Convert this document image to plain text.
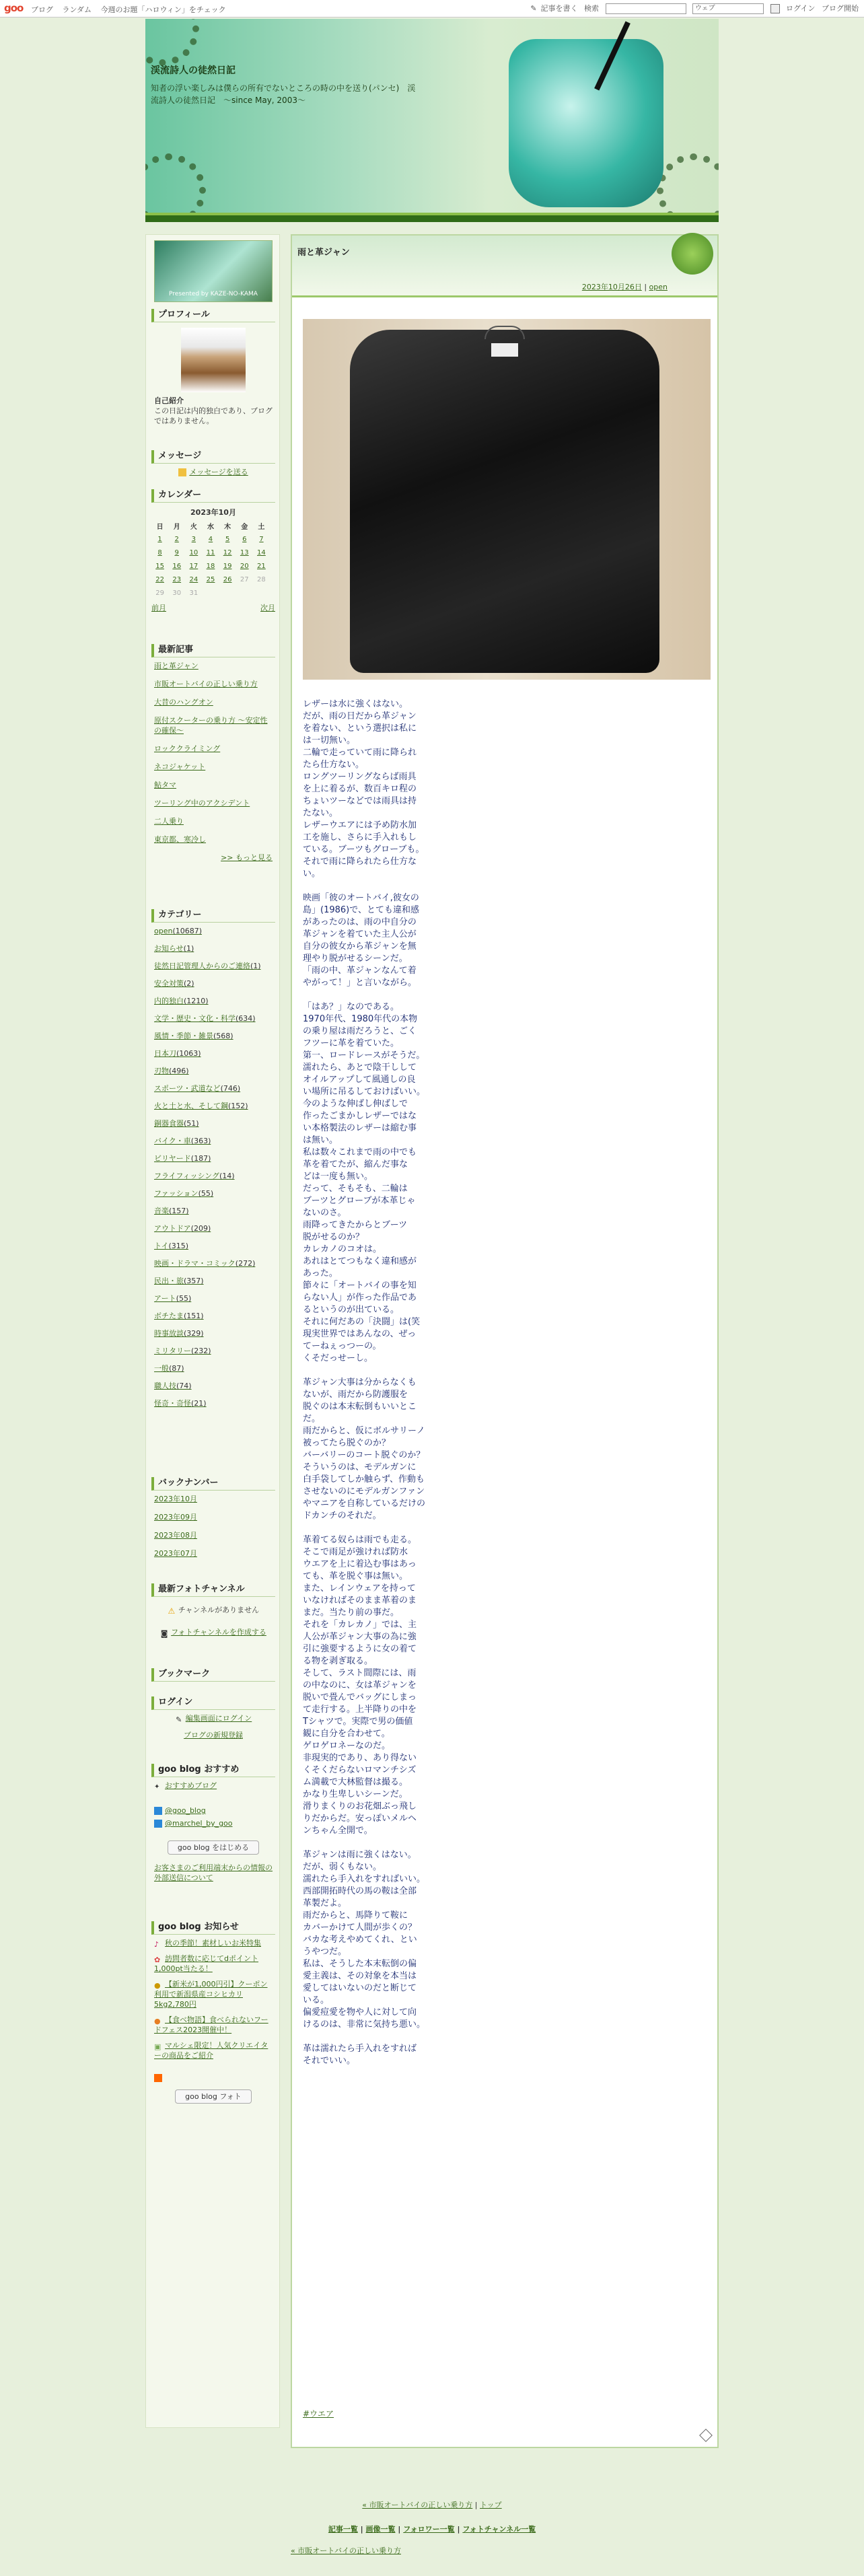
goo ブログ ランダム 今週のお題「ハロウィン」をチェック	✎ 記事を書く 検索	ウェブ	ログイン ブログ開始
渓流詩人の徒然日記
知者の浮い楽しみは僕らの所有でないところの時の中を送り(パンセ)　渓流詩人の徒然日記　～since May, 2003～
Presented by KAZE-NO-KAMA
プロフィール
自己紹介
この日記は内的独白であり、ブログではありません。
メッセージ
メッセージを送る
カレンダー
2023年10月
日	月	火	水	木	金	土
1	2	3	4	5	6	7
8	9	10	11	12	13	14
15	16	17	18	19	20	21
22	23	24	25	26	27	28
29	30	31				
前月	次月
最新記事
雨と革ジャン
市販オートバイの正しい乗り方
大昔のハングオン
原付スクーターの乗り方 ～安定性の確保～
ロッククライミング
ネコジャケット
鮎タマ
ツーリング中のアクシデント
二人乗り
東京都、寒冷し
>> もっと見る
カテゴリー
open(10687)
お知らせ(1)
徒然日記管理人からのご連絡(1)
安全対策(2)
内的独白(1210)
文学・歴史・文化・科学(634)
風情・季節・雑景(568)
日本刀(1063)
刃物(496)
スポーツ・武道など(746)
火と土と水、そして鋼(152)
銅器食器(51)
バイク・車(363)
ビリヤード(187)
フライフィッシング(14)
ファッション(55)
音楽(157)
アウトドア(209)
トイ(315)
映画・ドラマ・コミック(272)
民出・旅(357)
アート(55)
ボチたま(151)
時事放談(329)
ミリタリー(232)
一般(87)
職人技(74)
怪奇・奇怪(21)
バックナンバー
2023年10月
2023年09月
2023年08月
2023年07月
最新フォトチャンネル
⚠ チャンネルがありません
◙ フォトチャンネルを作成する
ブックマーク
ログイン
✎ 編集画面にログイン
ブログの新規登録
goo blog おすすめ
✦ おすすめブログ
@goo_blog
@marchel_by_goo
goo blog をはじめる
お客さまのご利用端末からの情報の外部送信について
goo blog お知らせ
♪ 秋の季節！素材しいお米特集
✿ 訪問者数に応じてdポイント1,000pt当たる！
● 【新米が1,000円引】クーポン利用で新潟県産コシヒカリ5kg2,780円
● 【食べ物語】食べられないフードフェス2023開催中！
▣ マルシェ限定！人気クリエイターの商品をご紹介
goo blog フォト
雨と革ジャン
2023年10月26日 | open

レザーは水に強くはない。

だが、雨の日だから革ジャン

を着ない、という選択は私に

は一切無い。

二輪で走っていて雨に降られ

たら仕方ない。

ロングツーリングならば雨具

を上に着るが、数百キロ程の

ちょいツーなどでは雨具は持

たない。

レザーウエアには予め防水加

工を施し、さらに手入れもし

ている。ブーツもグローブも。

それで雨に降られたら仕方な

い。

映画「彼のオートバイ,彼女の

島」(1986)で、とても違和感

があったのは、雨の中自分の

革ジャンを着ていた主人公が

自分の彼女から革ジャンを無

理やり脱がせるシーンだ。

「雨の中、革ジャンなんて着

やがって！」と言いながら。

「はあ？」なのである。

1970年代、1980年代の本物

の乗り屋は雨だろうと、ごく

フツーに革を着ていた。

第一、ロードレースがそうだ。

濡れたら、あとで陰干しして

オイルアップして風通しの良

い場所に吊るしておけばいい。

今のような伸ばし伸ばしで

作ったごまかしレザーではな

い本格製法のレザーは縮む事

は無い。

私は数々これまで雨の中でも

革を着てたが、縮んだ事な

どは一度も無い。

だって、そもそも、二輪は

ブーツとグローブが本革じゃ

ないのさ。

雨降ってきたからとブーツ

脱がせるのか？

カレカノのコオは。

あれはとてつもなく違和感が

あった。

節々に「オートバイの事を知

らない人」が作った作品であ

るというのが出ている。

それに何だあの「決闘」は(笑

現実世界ではあんなの、ぜっ

てーねぇっつーの。

くそだっせーし。

革ジャン大事は分からなくも

ないが、雨だから防護服を

脱ぐのは本末転倒もいいとこ

だ。

雨だからと、仮にボルサリーノ

被ってたら脱ぐのか？

バーバリーのコート脱ぐのか？

そういうのは、モデルガンに

白手袋してしか触らず、作動も

させないのにモデルガンファン

やマニアを自称しているだけの

ドカンチのそれだ。

革着てる奴らは雨でも走る。

そこで雨足が強ければ防水

ウエアを上に着込む事はあっ

ても、革を脱ぐ事は無い。

また、レインウェアを持って

いなければそのまま革着のま

まだ。当たり前の事だ。

それを「カレカノ」では、主

人公が革ジャン大事の為に強

引に強要するように女の着て

る物を剥ぎ取る。

そして、ラスト間際には、雨

の中なのに、女は革ジャンを

脱いで畳んでバッグにしまっ

て走行する。上半降りの中を

Tシャツで。実際で男の価値

観に自分を合わせて。

ゲロゲロネーなのだ。

非現実的であり、あり得ない

くそくだらないロマンチシズ

ム満載で大林監督は撮る。

かなり生卑しいシーンだ。

滑りまくりのお花畑ぶっ飛し

りだからだ。安っぽいメルヘ

ンちゃん全開で。

革ジャンは雨に強くはない。

だが、弱くもない。

濡れたら手入れをすればいい。

西部開拓時代の馬の鞍は全部

革製だよ。

雨だからと、馬降りて鞍に

カバーかけて人間が歩くの？

バカな考えやめてくれ、とい

うやつだ。

私は、そうした本末転倒の偏

愛主義は、その対象を本当は

愛してはいないのだと断じて

いる。

偏愛痘愛を物や人に対して向

けるのは、非常に気持ち悪い。

革は濡れたら手入れをすれば

それでいい。

#ウエア
« 市販オートバイの正しい乗り方 | トップ
記事一覧 | 画像一覧 | フォロワー一覧 | フォトチャンネル一覧
« 市販オートバイの正しい乗り方
